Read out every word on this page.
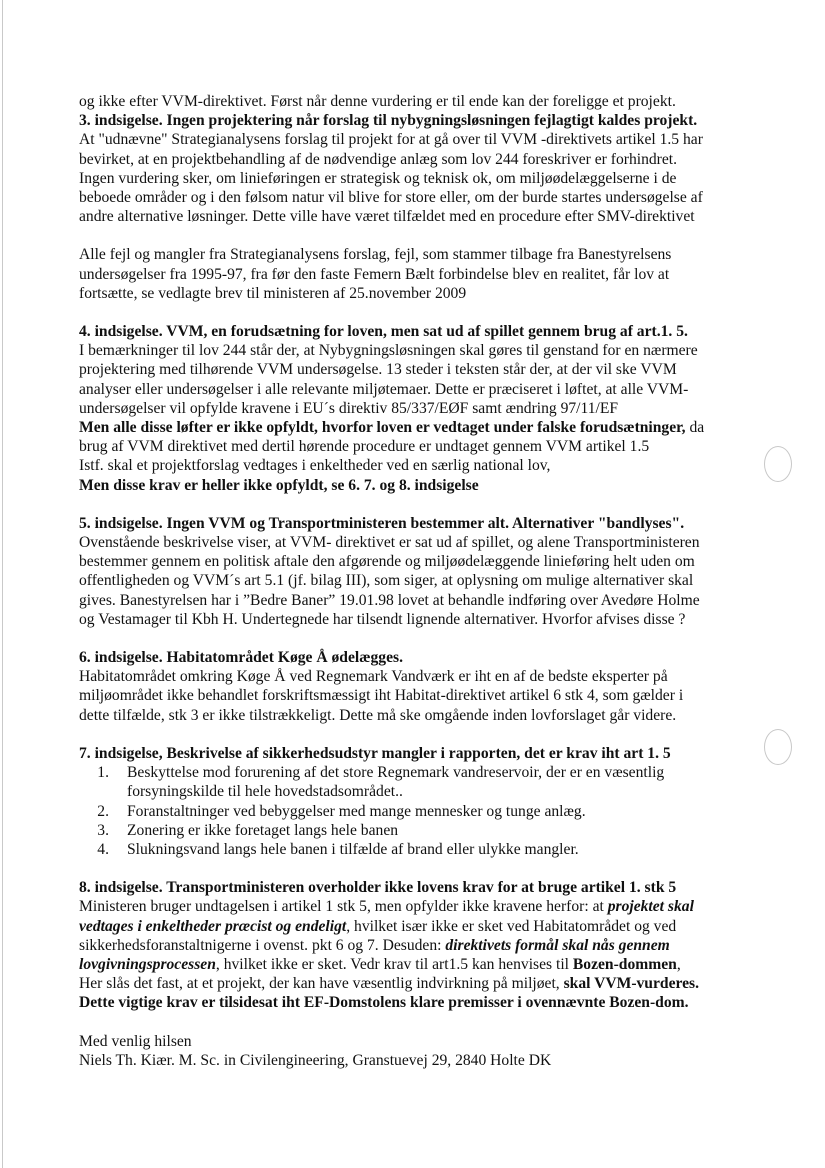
og ikke efter VVM-direktivet. Først når denne vurdering er til ende kan der foreligge et projekt.
3. indsigelse. Ingen projektering når forslag til nybygningsløsningen fejlagtigt kaldes projekt.
At "udnævne" Strategianalysens forslag til projekt for at gå over til VVM -direktivets artikel 1.5 har
bevirket, at en projektbehandling af de nødvendige anlæg som lov 244 foreskriver er forhindret.
Ingen vurdering sker, om linieføringen er strategisk og teknisk ok, om miljøødelæggelserne i de
beboede områder og i den følsom natur vil blive for store eller, om der burde startes undersøgelse af
andre alternative løsninger. Dette ville have været tilfældet med en procedure efter SMV-direktivet
Alle fejl og mangler fra Strategianalysens forslag, fejl, som stammer tilbage fra Banestyrelsens
undersøgelser fra 1995-97, fra før den faste Femern Bælt forbindelse blev en realitet, får lov at
fortsætte, se vedlagte brev til ministeren af 25.november 2009
4. indsigelse. VVM, en forudsætning for loven, men sat ud af spillet gennem brug af art.1. 5.
I bemærkninger til lov 244 står der, at Nybygningsløsningen skal gøres til genstand for en nærmere
projektering med tilhørende VVM undersøgelse. 13 steder i teksten står der, at der vil ske VVM
analyser eller undersøgelser i alle relevante miljøtemaer. Dette er præciseret i løftet, at alle VVM-
undersøgelser vil opfylde kravene i EU´s direktiv 85/337/EØF samt ændring 97/11/EF
Men alle disse løfter er ikke opfyldt, hvorfor loven er vedtaget under falske forudsætninger, da
brug af VVM direktivet med dertil hørende procedure er undtaget gennem VVM artikel 1.5
Istf. skal et projektforslag vedtages i enkeltheder ved en særlig national lov,
Men disse krav er heller ikke opfyldt, se 6. 7. og 8. indsigelse
5. indsigelse. Ingen VVM og Transportministeren bestemmer alt. Alternativer "bandlyses".
Ovenstående beskrivelse viser, at VVM- direktivet er sat ud af spillet, og alene Transportministeren
bestemmer gennem en politisk aftale den afgørende og miljøødelæggende linieføring helt uden om
offentligheden og VVM´s art 5.1 (jf. bilag III), som siger, at oplysning om mulige alternativer skal
gives. Banestyrelsen har i ”Bedre Baner” 19.01.98 lovet at behandle indføring over Avedøre Holme
og Vestamager til Kbh H. Undertegnede har tilsendt lignende alternativer. Hvorfor afvises disse ?
6. indsigelse. Habitatområdet Køge Å ødelægges.
Habitatområdet omkring Køge Å ved Regnemark Vandværk er iht en af de bedste eksperter på
miljøområdet ikke behandlet forskriftsmæssigt iht Habitat-direktivet artikel 6 stk 4, som gælder i
dette tilfælde, stk 3 er ikke tilstrækkeligt. Dette må ske omgående inden lovforslaget går videre.
7. indsigelse, Beskrivelse af sikkerhedsudstyr mangler i rapporten, det er krav iht art 1. 5
1.	Beskyttelse mod forurening af det store Regnemark vandreservoir, der er en væsentlig
forsyningskilde til hele hovedstadsområdet..
2.	Foranstaltninger ved bebyggelser med mange mennesker og tunge anlæg.
3.	Zonering er ikke foretaget langs hele banen
4.	Slukningsvand langs hele banen i tilfælde af brand eller ulykke mangler.
8. indsigelse. Transportministeren overholder ikke lovens krav for at bruge artikel 1. stk 5
Ministeren bruger undtagelsen i artikel 1 stk 5, men opfylder ikke kravene herfor: at projektet skal
vedtages i enkeltheder præcist og endeligt, hvilket især ikke er sket ved Habitatområdet og ved
sikkerhedsforanstaltnigerne i ovenst. pkt 6 og 7. Desuden: direktivets formål skal nås gennem
lovgivningsprocessen, hvilket ikke er sket. Vedr krav til art1.5 kan henvises til Bozen-dommen,
Her slås det fast, at et projekt, der kan have væsentlig indvirkning på miljøet, skal VVM-vurderes.
Dette vigtige krav er tilsidesat iht EF-Domstolens klare premisser i ovennævnte Bozen-dom.
Med venlig hilsen
Niels Th. Kiær. M. Sc. in Civilengineering, Granstuevej 29, 2840 Holte DK
